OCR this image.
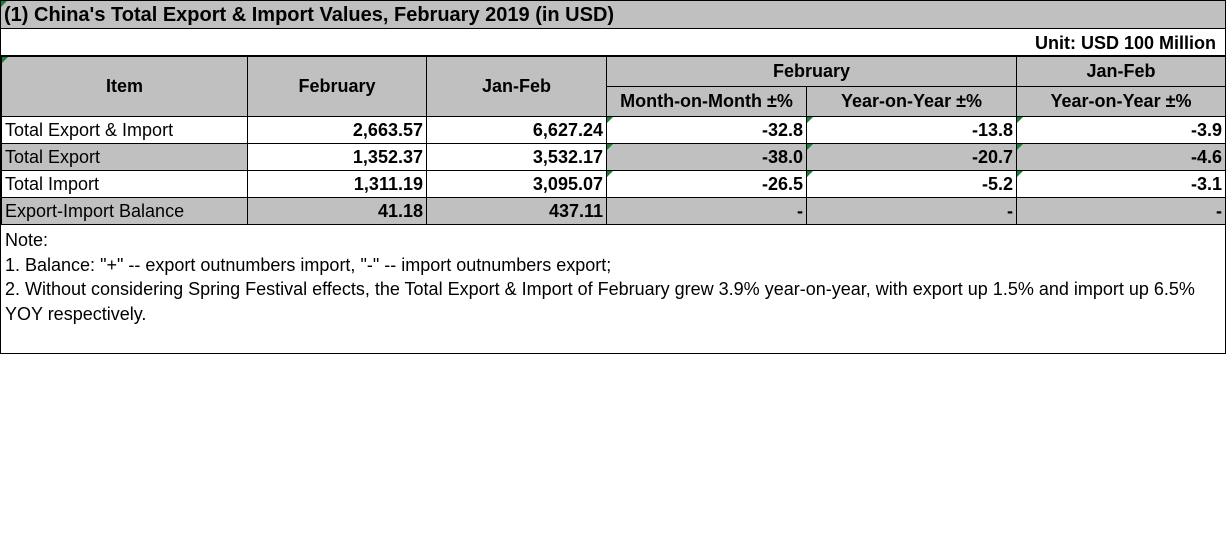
(1) China's Total Export & Import Values, February 2019 (in USD)
Unit: USD 100 Million
Item	February	Jan-Feb	February		Jan-Feb
			Month-on-Month ±%	Year-on-Year ±%	Year-on-Year ±%
Total Export & Import	2,663.57	6,627.24	-32.8	-13.8	-3.9
Total Export	1,352.37	3,532.17	-38.0	-20.7	-4.6
Total Import	1,311.19	3,095.07	-26.5	-5.2	-3.1
Export-Import Balance	41.18	437.11	-	-	-
Note:
1. Balance: "+" -- export outnumbers import, "-" -- import outnumbers export;
2. Without considering Spring Festival effects, the Total Export & Import of February grew 3.9% year-on-year, with export up 1.5% and import up 6.5% YOY respectively.
